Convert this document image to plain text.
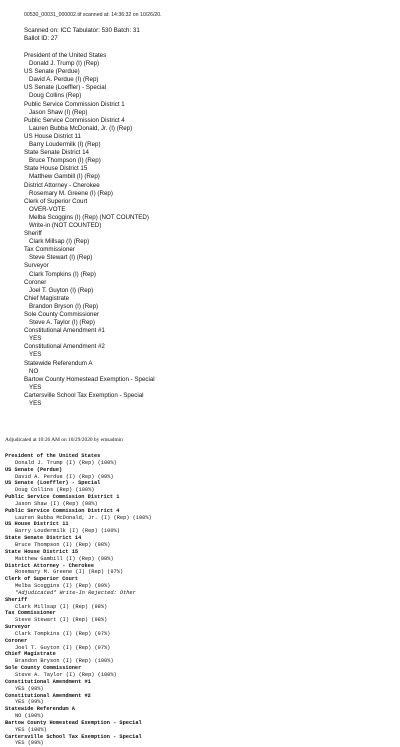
00530_00031_000002.tif scanned at: 14:36:32 on 10/26/20.
Scanned on: ICC Tabulator: 530 Batch: 31
Ballot ID: 27
President of the United States
Donald J. Trump (I) (Rep)
US Senate (Perdue)
David A. Perdue (I) (Rep)
US Senate (Loeffler) - Special
Doug Collins (Rep)
Public Service Commission District 1
Jason Shaw (I) (Rep)
Public Service Commission District 4
Lauren Bubba McDonald, Jr. (I) (Rep)
US House District 11
Barry Loudermilk (I) (Rep)
State Senate District 14
Bruce Thompson (I) (Rep)
State House District 15
Matthew Gambill (I) (Rep)
District Attorney - Cherokee
Rosemary M. Greene (I) (Rep)
Clerk of Superior Court
OVER-VOTE
Melba Scoggins (I) (Rep) (NOT COUNTED)
Write-in (NOT COUNTED)
Sheriff
Clark Millsap (I) (Rep)
Tax Commissioner
Steve Stewart (I) (Rep)
Surveyor
Clark Tompkins (I) (Rep)
Coroner
Joel T. Guyton (I) (Rep)
Chief Magistrate
Brandon Bryson (I) (Rep)
Sole County Commissioner
Steve A. Taylor (I) (Rep)
Constitutional Amendment #1
YES
Constitutional Amendment #2
YES
Statewide Referendum A
NO
Bartow County Homestead Exemption - Special
YES
Cartersville School Tax Exemption - Special
YES
Adjudicated at 10:26 AM on 10/29/2020 by emsadmin
President of the United States
Donald J. Trump (I) (Rep) (100%)
US Senate (Perdue)
David A. Perdue (I) (Rep) (99%)
US Senate (Loeffler) - Special
Doug Collins (Rep) (100%)
Public Service Commission District 1
Jason Shaw (I) (Rep) (98%)
Public Service Commission District 4
Lauren Bubba McDonald, Jr. (I) (Rep) (100%)
US House District 11
Barry Loudermilk (I) (Rep) (100%)
State Senate District 14
Bruce Thompson (I) (Rep) (98%)
State House District 15
Matthew Gambill (I) (Rep) (98%)
District Attorney - Cherokee
Rosemary M. Greene (I) (Rep) (97%)
Clerk of Superior Court
Melba Scoggins (I) (Rep) (99%)
*Adjudicated* Write-In Rejected: Other
Sheriff
Clark Millsap (I) (Rep) (98%)
Tax Commissioner
Steve Stewart (I) (Rep) (98%)
Surveyor
Clark Tompkins (I) (Rep) (97%)
Coroner
Joel T. Guyton (I) (Rep) (97%)
Chief Magistrate
Brandon Bryson (I) (Rep) (100%)
Sole County Commissioner
Steve A. Taylor (I) (Rep) (100%)
Constitutional Amendment #1
YES (98%)
Constitutional Amendment #2
YES (99%)
Statewide Referendum A
NO (100%)
Bartow County Homestead Exemption - Special
YES (100%)
Cartersville School Tax Exemption - Special
YES (99%)
